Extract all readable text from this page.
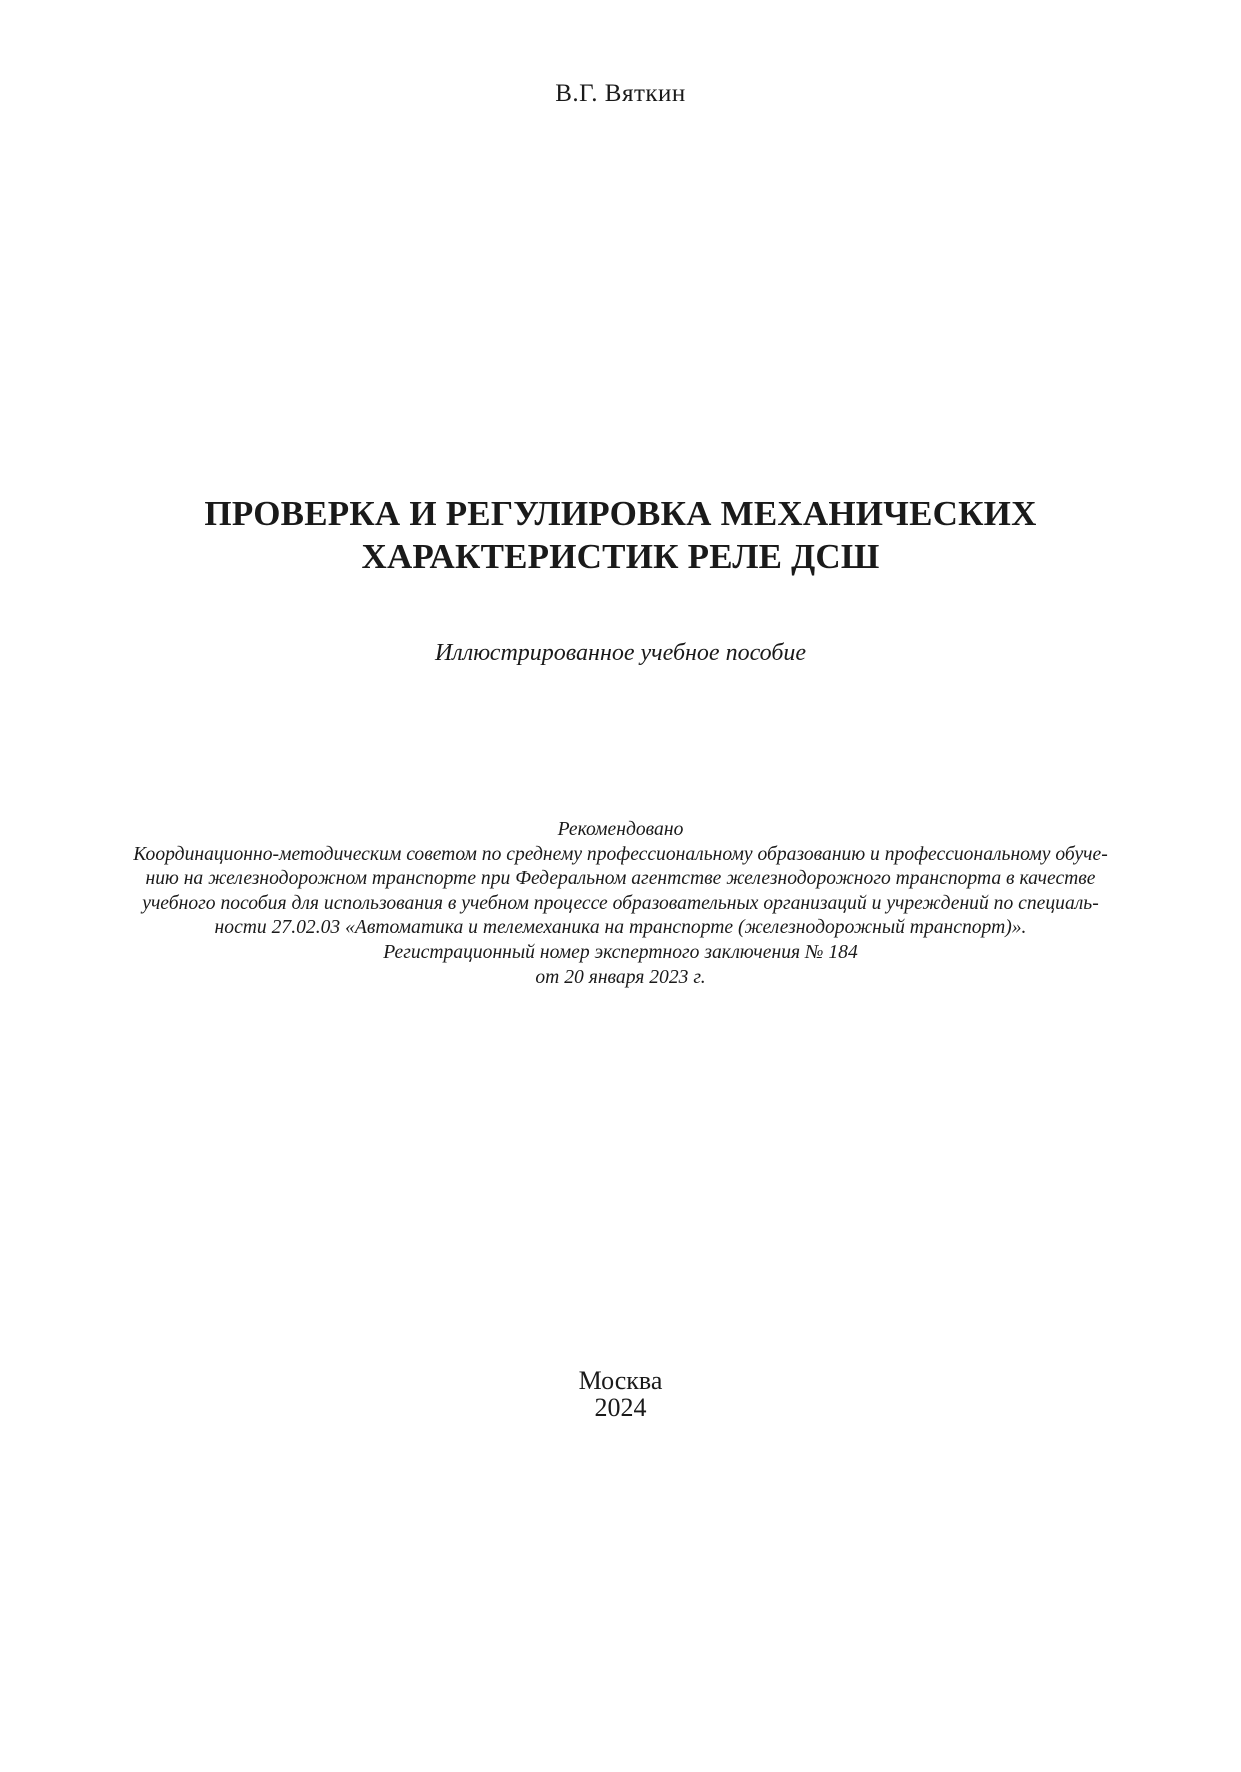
В.Г. Вяткин
ПРОВЕРКА И РЕГУЛИРОВКА МЕХАНИЧЕСКИХ
ХАРАКТЕРИСТИК РЕЛЕ ДСШ
Иллюстрированное учебное пособие
Рекомендовано
Координационно-методическим советом по среднему профессиональному образованию и профессиональному обуче-
нию на железнодорожном транспорте при Федеральном агентстве железнодорожного транспорта в качестве
учебного пособия для использования в учебном процессе образовательных организаций и учреждений по специаль-
ности 27.02.03 «Автоматика и телемеханика на транспорте (железнодорожный транспорт)».
Регистрационный номер экспертного заключения № 184
от 20 января 2023 г.
Москва
2024
